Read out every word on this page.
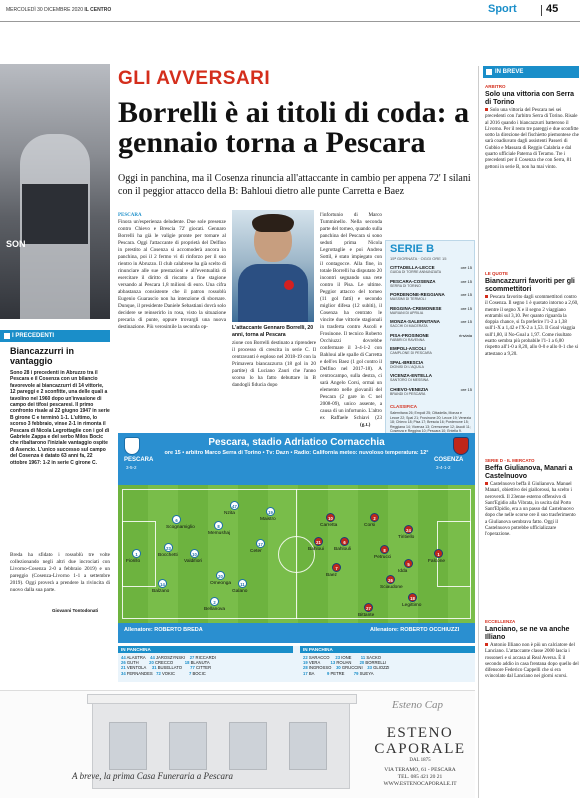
MERCOLEDÌ 30 DICEMBRE 2020 IL CENTRO	Sport	45
SON
GLI AVVERSARI
Borrelli è ai titoli di coda: a gennaio torna a Pescara
Oggi in panchina, ma il Cosenza rinuncia all'attaccante in cambio per appena 72' I silani con il peggior attacco della B: Bahloui dietro alle punte Carretta e Baez
PESCARA
Finora un'esperienza deludente. Due sole presenze contro Chievo e Brescia 72' giocati. Gennaro Borrelli ha già le valigie pronte per tornare al Pescara. Oggi l'attaccante di proprietà del Delfino in prestito al Cosenza si accomoderà ancora in panchina, poi il 2 fermo vi di rinforzo per il suo rientro in Abruzzo. Il club calabrese ha già scelto di rinunciare alle sue prestazioni e all'eventualità di esercitare il diritto di riscatto a fine stagione versando al Pescara 1,8 milioni di euro. Una cifra abbastanza consistente che il patron rossoblù Eugenio Guarascio non ha intenzione di sborsare. Dunque, il presidente Daniele Sebastiani dovrà solo decidere se reinserirlo in rosa, visto la situazione precaria di punte, oppure trovargli una nuova destinazione. Più verosimile la seconda op-	L'attaccante Gennaro Borrelli, 20 anni, torna al Pescara
zione con Borrelli destinato a riprendere il processo di crescita in serie C. Il centravanti è esploso nel 2018-19 con la Primavera biancazzurra (18 gol in 20 partite) di Luciano Zauri che l'anno scorso lo ha fatto debuttare in B dandogli fiducia dopo
l'infortunio di Marco Tumminello. Nella seconda parte del torneo, quando sulla panchina del Pescara si sono seduti prima Nicola Legrottaglie e poi Andrea Sottil, è stato impiegato con il contagocce. Alla fine, in totale Borrelli ha disputato 20 incontri segnando una rete contro il Pisa. Le ultime. Peggior attacco del torneo (11 gol fatti) e secondo miglior difesa (12 subiti), il Cosenza ha centrato le vincite due vittorie stagionali in trasferta contro Ascoli e Frosinone. Il tecnico Roberto Occhiuzzi dovrebbe confermare il 3-4-1-2 con Bahloui alle spalle di Carretta e dell'ex Baez (1 gol contro il Delfino nel 2017-18). A centrocampo, sulla destra, ci sarà Angelo Corsi, ormai un elemento nelle giovanili del Pescara (2 gare in C nel 2008-09), unico assente, a causa di un infortunio. L'altro ex Raffaele Schiavi (23
(g.t.)
SERIE B
15ª GIORNATA · OGGI ORE 15
CITTADELLA-LECCE	ore 15
GUIDA DI TORRE ANNUNZIATA
PESCARA-COSENZA	ore 15
SERRA DI TORINO
PORDENONE-REGGIANA	ore 15
MASSIMI DI TERMOLI
REGGINA-CREMONESE	ore 15
MARIANI DI APRILIA
MONZA-SALERNITANA	ore 15
SACCHI DI MACERATA
PISA-FROSINONE	rinviata
FABBRI DI RAVENNA
EMPOLI-ASCOLI
CAMPLONE DI PESCARA
SPAL-BRESCIA
DIONISI DI L'AQUILA
VICENZA-ENTELLA
SANTORO DI MESSINA
CHIEVO-VENEZIA	ore 15
BRANDI DI PESCARA
CLASSIFICA
Salernitana 26; Empoli 25; Cittadella, Monza e Lecce 22; Spal 21; Frosinone 20; Lecce 19; Venezia 18; Chievo 18; Pisa 17; Brescia 16; Pordenone 15; Reggiana 14; Vicenza 13; Cremonese 12; Ascoli 11; Cosenza e Reggina 10; Pescara 10; Entella 9.
I PRECEDENTI
Biancazzurri in vantaggio
Sono 28 i precedenti in Abruzzo tra il Pescara e il Cosenza con un bilancio favorevole ai biancazzurri di 14 vittorie, 12 pareggi e 2 sconfitte, una delle quali a tavolino nel 1960 dopo un'invasione di campo dei tifosi pescaresi. Il primo confronto risale al 22 giugno 1947 in serie B girone C e terminò 1-1. L'ultimo, lo scorso 3 febbraio, vinse 2-1 in rimonta il Pescara di Nicola Legrottaglie con i gol di Gabriele Zappa e del serbo Milos Bocic che ribaltarono l'iniziale vantaggio ospite di Asencio. L'unico successo sul campo del Cosenza è datato 63 anni fa, 22 ottobre 1967: 1-2 in serie C girone C.
Breda ha sfidato i rossoblù tre volte collezionando negli altri due incrociati con Livorno-Cosenza 2-0 a febbraio 2019) e un pareggio (Cosenza-Livorno 1-1 a settembre 2019). Oggi proverà a prendere la rivincita di nuovo dalla sua parte.
Giovanni Tontodonati
Pescara, stadio Adriatico Cornacchia
ore 15 • arbitro Marco Serra di Torino • Tv: Dazn • Radio: California meteo: nuvoloso temperatura: 12°
1
Fiorillo
6
Scognamiglio
23
Bocchetti
14
Balzano
10
Valdifiori
8
Memushaj
20
Omeonga
2
Bellanova
47
Nzita
11
Galano
17
Ceter
19
Maistro
1
Falcone
24
Tiritiello
5
Idda
18
Legittimo
2
Corsi
8
Petrucci
26
Sciaudone
27
Bittante
10
Carretta
7
Baez
21
Bahloui
6
Bahlouli
PESCARA
3-5-2
COSENZA
3-4-1-2
Allenatore: ROBERTO BREDA	Allenatore: ROBERTO OCCHIUZZI
IN PANCHINA	IN PANCHINA
44 ALASTRA    44 JAROSZYNSKI    27 RICCARDI
26 GUTH         20 CRECCO          18 BLANUTA
21 VENTOLA     31 BUSELLATO       77 CITTER
34 FERNANDES   72 VOKIC            7 BOCIC
22 SARACCO     23 IONE        11 SACKO
19 VERA         13 ROUAN       20 BORRELLI
28 INGROSSO    30 GRUCCINI    33 GLIOZZI
17 BA           9 PETRE        79 SUEYA
A breve, la prima Casa Funeraria a Pescara
Esteno Cap
ESTENO CAPORALE
DAL 1875
VIA TERAMO, 61 - PESCARA
TEL. 085 421 20 21
WWW.ESTENOCAPORALE.IT
IN BREVE
ARBITRO
Solo una vittoria con Serra di Torino
Solo una vittoria del Pescara nei sei precedenti con l'arbitro Serra di Torino. Risale al 2016 quando i biancazzurri batterono il Livorno. Per il resto tre pareggi e due sconfitte sotto la direzione del fischietto piemontese che sarà coadiuvato dagli assistenti Passeri di Gubbio e Massara di Reggio Calabria e dal quarto ufficiale Paterna di Teramo. Tre i precedenti per il Cosenza che con Serra, 81 gettoni in serie B, non ha mai vinto.
LE QUOTE
Biancazzurri favoriti per gli scommettitori
Pescara favorito dagli scommettitori contro il Cosenza. Il segno 1 è quotato intorno a 2,60, mentre il segno X e il segno 2 viaggiano entrambi sul 3,10. Per quanto riguarda la doppia chance, si fa preferire l'1-2 a 1,38 sull'1-X a 1,42 e l'X-2 a 1,53. Il Goal viaggia sull'1,80, il No-Goal a 1,97. Come risultato esatto sembra più probabile l'1-1 a 6,00 rispetto all'1-0 a 8,20, allo 0-0 e allo 0-1 che si attestano a 9,20.
SERIE D - IL MERCATO
Beffa Giulianova, Manari a Castelnuovo
Castelnuovo beffa il Giulianova. Manuel Manari, obiettivo dei giallorossi, ha scelto i neroverdi. Il 23enne esterno offensivo di Sant'Egidio alla Vibrata, in uscita dal Porto Sant'Elpidio, era a un passo dal Castelnuovo dopo che nelle scorse ore il suo trasferimento a Giulianova sembrava fatto. Oggi il Castelnuovo potrebbe ufficializzare l'operazione.
ECCELLENZA
Lanciano, se ne va anche Illiano
Antonio Illiano non è più un calciatore del Lanciano. L'attaccante classe 2000 lascia i rossoneri e si accasa al Real Aversa. È il secondo addio in casa frentana dopo quello del difensore Federico Cappelli che si era svincolato dal Lanciano nei giorni scorsi.
